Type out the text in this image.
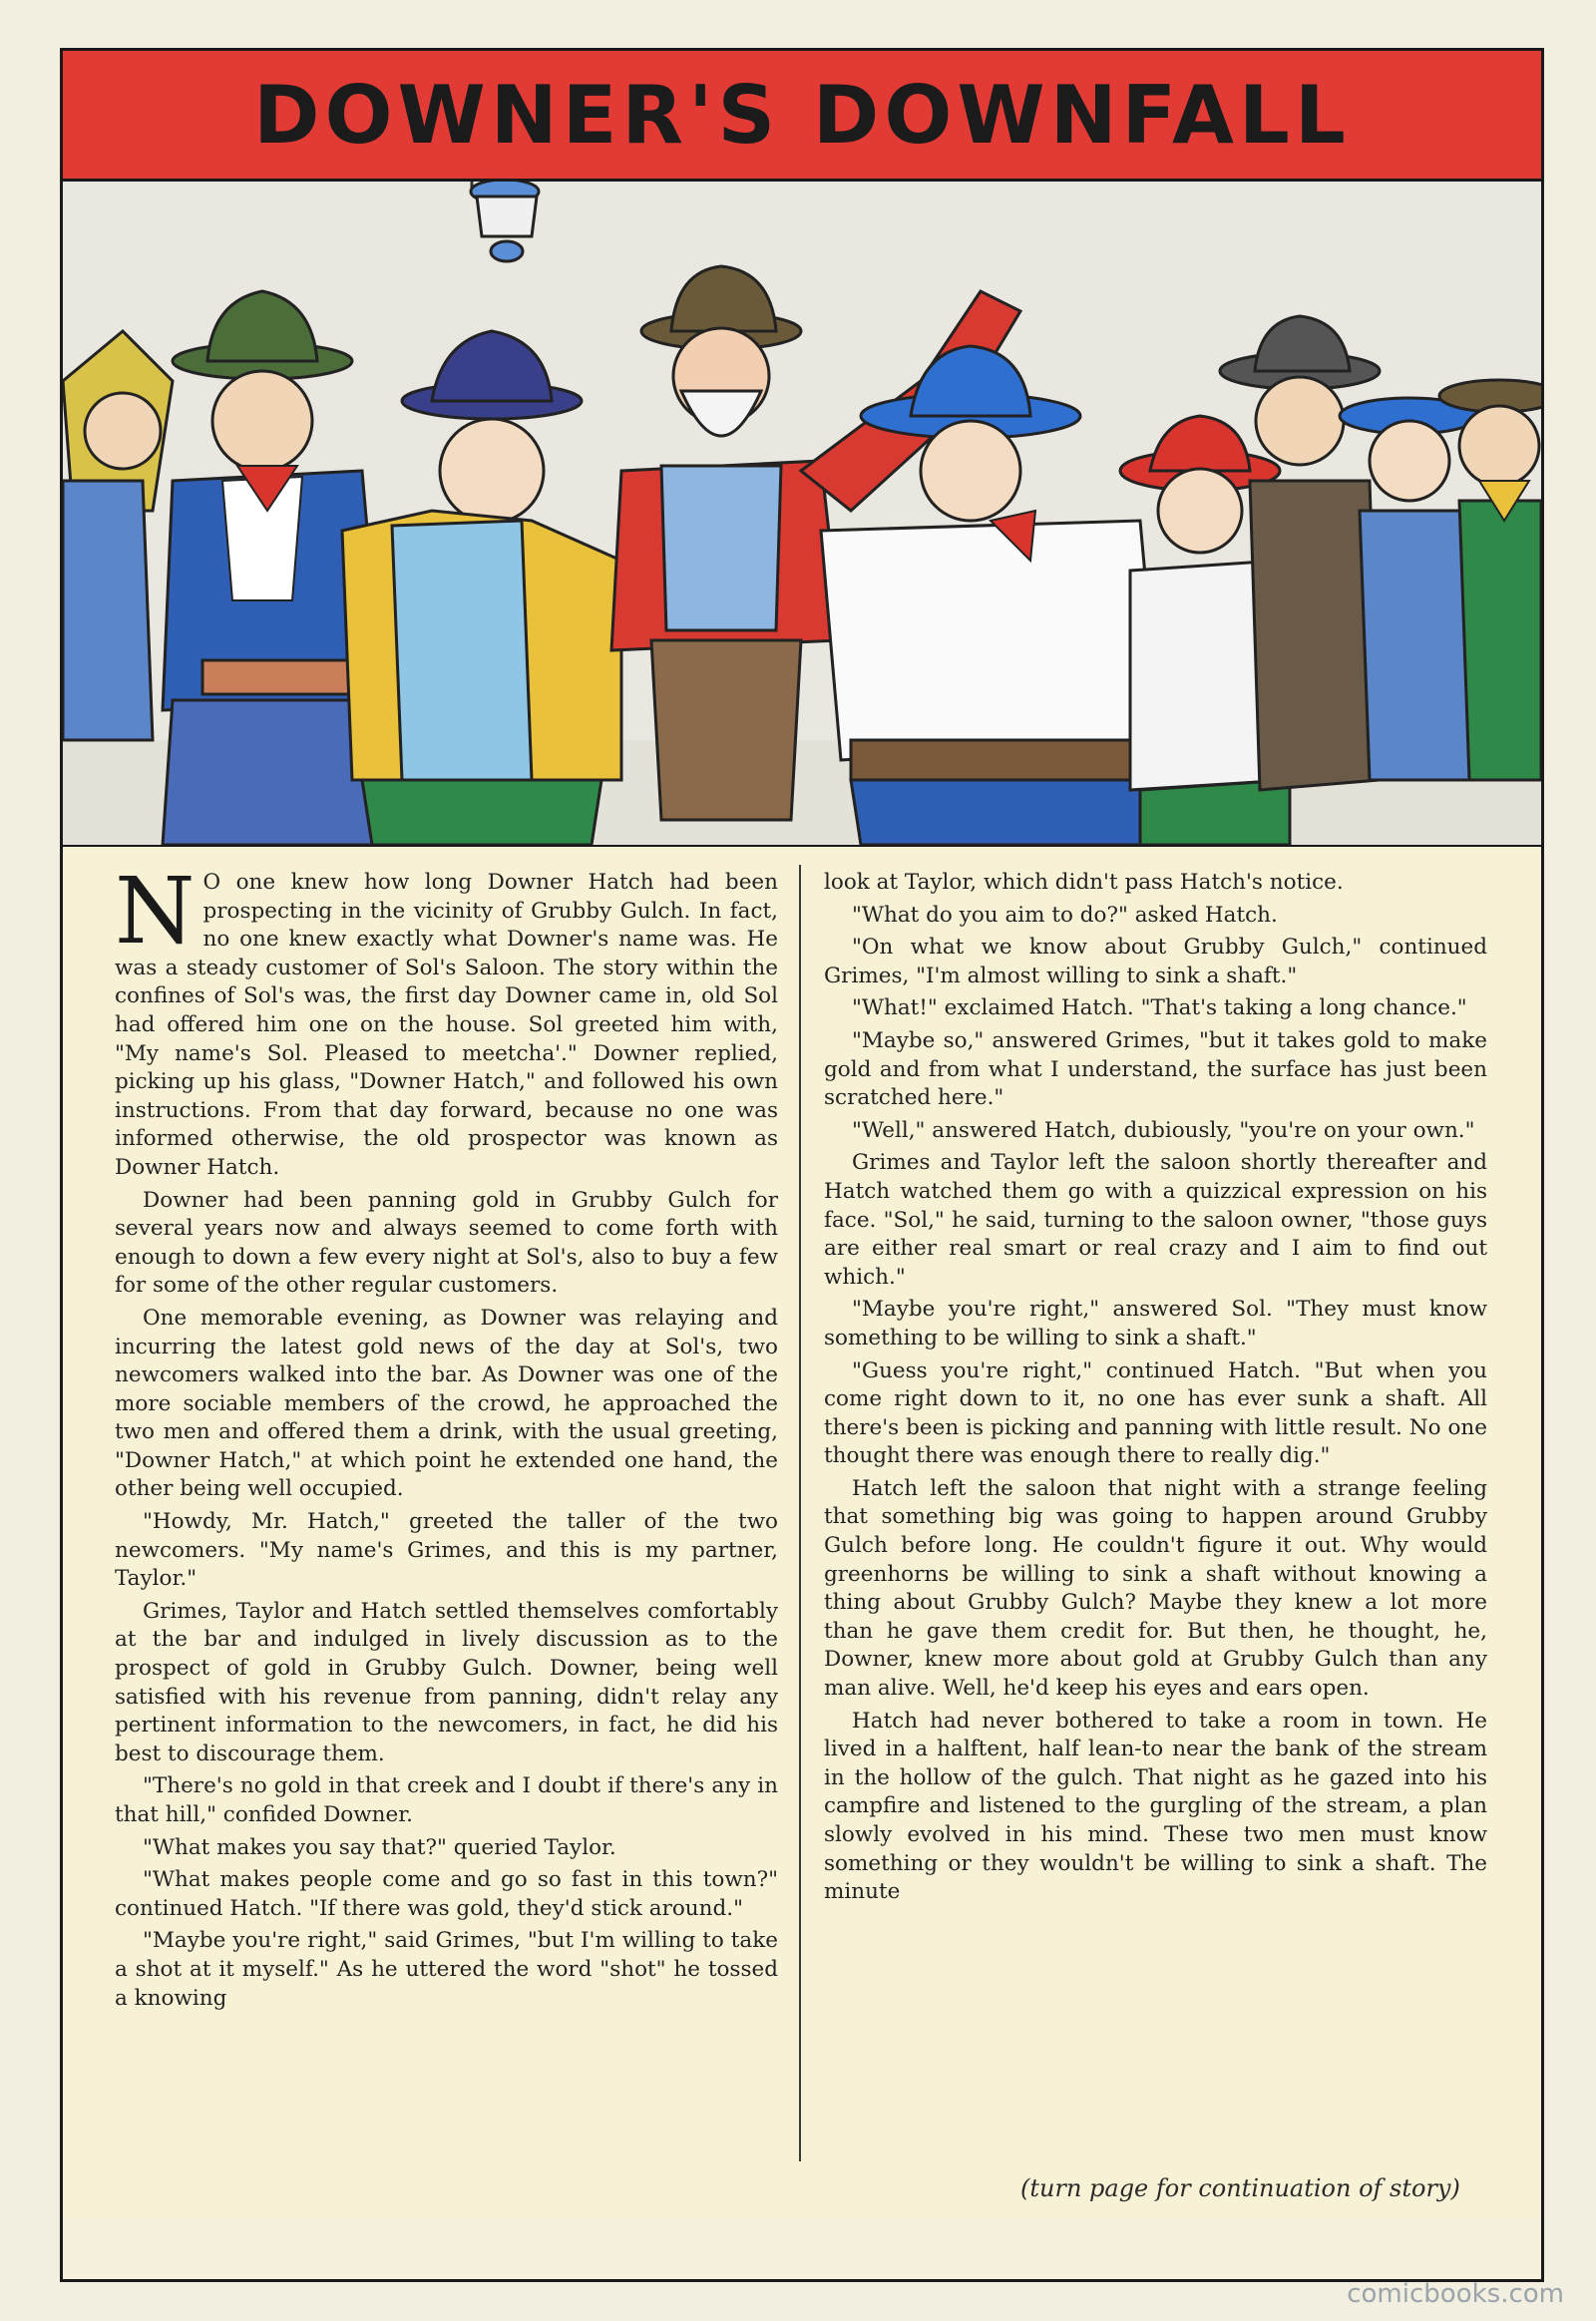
DOWNER'S DOWNFALL

N O one knew how long Downer Hatch had been prospecting in the vicinity of Grubby Gulch. In fact, no one knew exactly what Downer's name was. He was a steady customer of Sol's Saloon. The story within the confines of Sol's was, the first day Downer came in, old Sol had offered him one on the house. Sol greeted him with, "My name's Sol. Pleased to meetcha'." Downer replied, picking up his glass, "Downer Hatch," and followed his own instructions. From that day forward, because no one was informed otherwise, the old prospector was known as Downer Hatch.

Downer had been panning gold in Grubby Gulch for several years now and always seemed to come forth with enough to down a few every night at Sol's, also to buy a few for some of the other regular customers.

One memorable evening, as Downer was relaying and incurring the latest gold news of the day at Sol's, two newcomers walked into the bar. As Downer was one of the more sociable members of the crowd, he approached the two men and offered them a drink, with the usual greeting, "Downer Hatch," at which point he extended one hand, the other being well occupied.

"Howdy, Mr. Hatch," greeted the taller of the two newcomers. "My name's Grimes, and this is my partner, Taylor."

Grimes, Taylor and Hatch settled themselves comfortably at the bar and indulged in lively discussion as to the prospect of gold in Grubby Gulch. Downer, being well satisfied with his revenue from panning, didn't relay any pertinent information to the newcomers, in fact, he did his best to discourage them.

"There's no gold in that creek and I doubt if there's any in that hill," confided Downer.

"What makes you say that?" queried Taylor.

"What makes people come and go so fast in this town?" continued Hatch. "If there was gold, they'd stick around."

"Maybe you're right," said Grimes, "but I'm willing to take a shot at it myself." As he uttered the word "shot" he tossed a knowing

look at Taylor, which didn't pass Hatch's notice.

"What do you aim to do?" asked Hatch.

"On what we know about Grubby Gulch," continued Grimes, "I'm almost willing to sink a shaft."

"What!" exclaimed Hatch. "That's taking a long chance."

"Maybe so," answered Grimes, "but it takes gold to make gold and from what I understand, the surface has just been scratched here."

"Well," answered Hatch, dubiously, "you're on your own."

Grimes and Taylor left the saloon shortly thereafter and Hatch watched them go with a quizzical expression on his face. "Sol," he said, turning to the saloon owner, "those guys are either real smart or real crazy and I aim to find out which."

"Maybe you're right," answered Sol. "They must know something to be willing to sink a shaft."

"Guess you're right," continued Hatch. "But when you come right down to it, no one has ever sunk a shaft. All there's been is picking and panning with little result. No one thought there was enough there to really dig."

Hatch left the saloon that night with a strange feeling that something big was going to happen around Grubby Gulch before long. He couldn't figure it out. Why would greenhorns be willing to sink a shaft without knowing a thing about Grubby Gulch? Maybe they knew a lot more than he gave them credit for. But then, he thought, he, Downer, knew more about gold at Grubby Gulch than any man alive. Well, he'd keep his eyes and ears open.

Hatch had never bothered to take a room in town. He lived in a halftent, half lean-to near the bank of the stream in the hollow of the gulch. That night as he gazed into his campfire and listened to the gurgling of the stream, a plan slowly evolved in his mind. These two men must know something or they wouldn't be willing to sink a shaft. The minute

(turn page for continuation of story)
comicbooks.com
